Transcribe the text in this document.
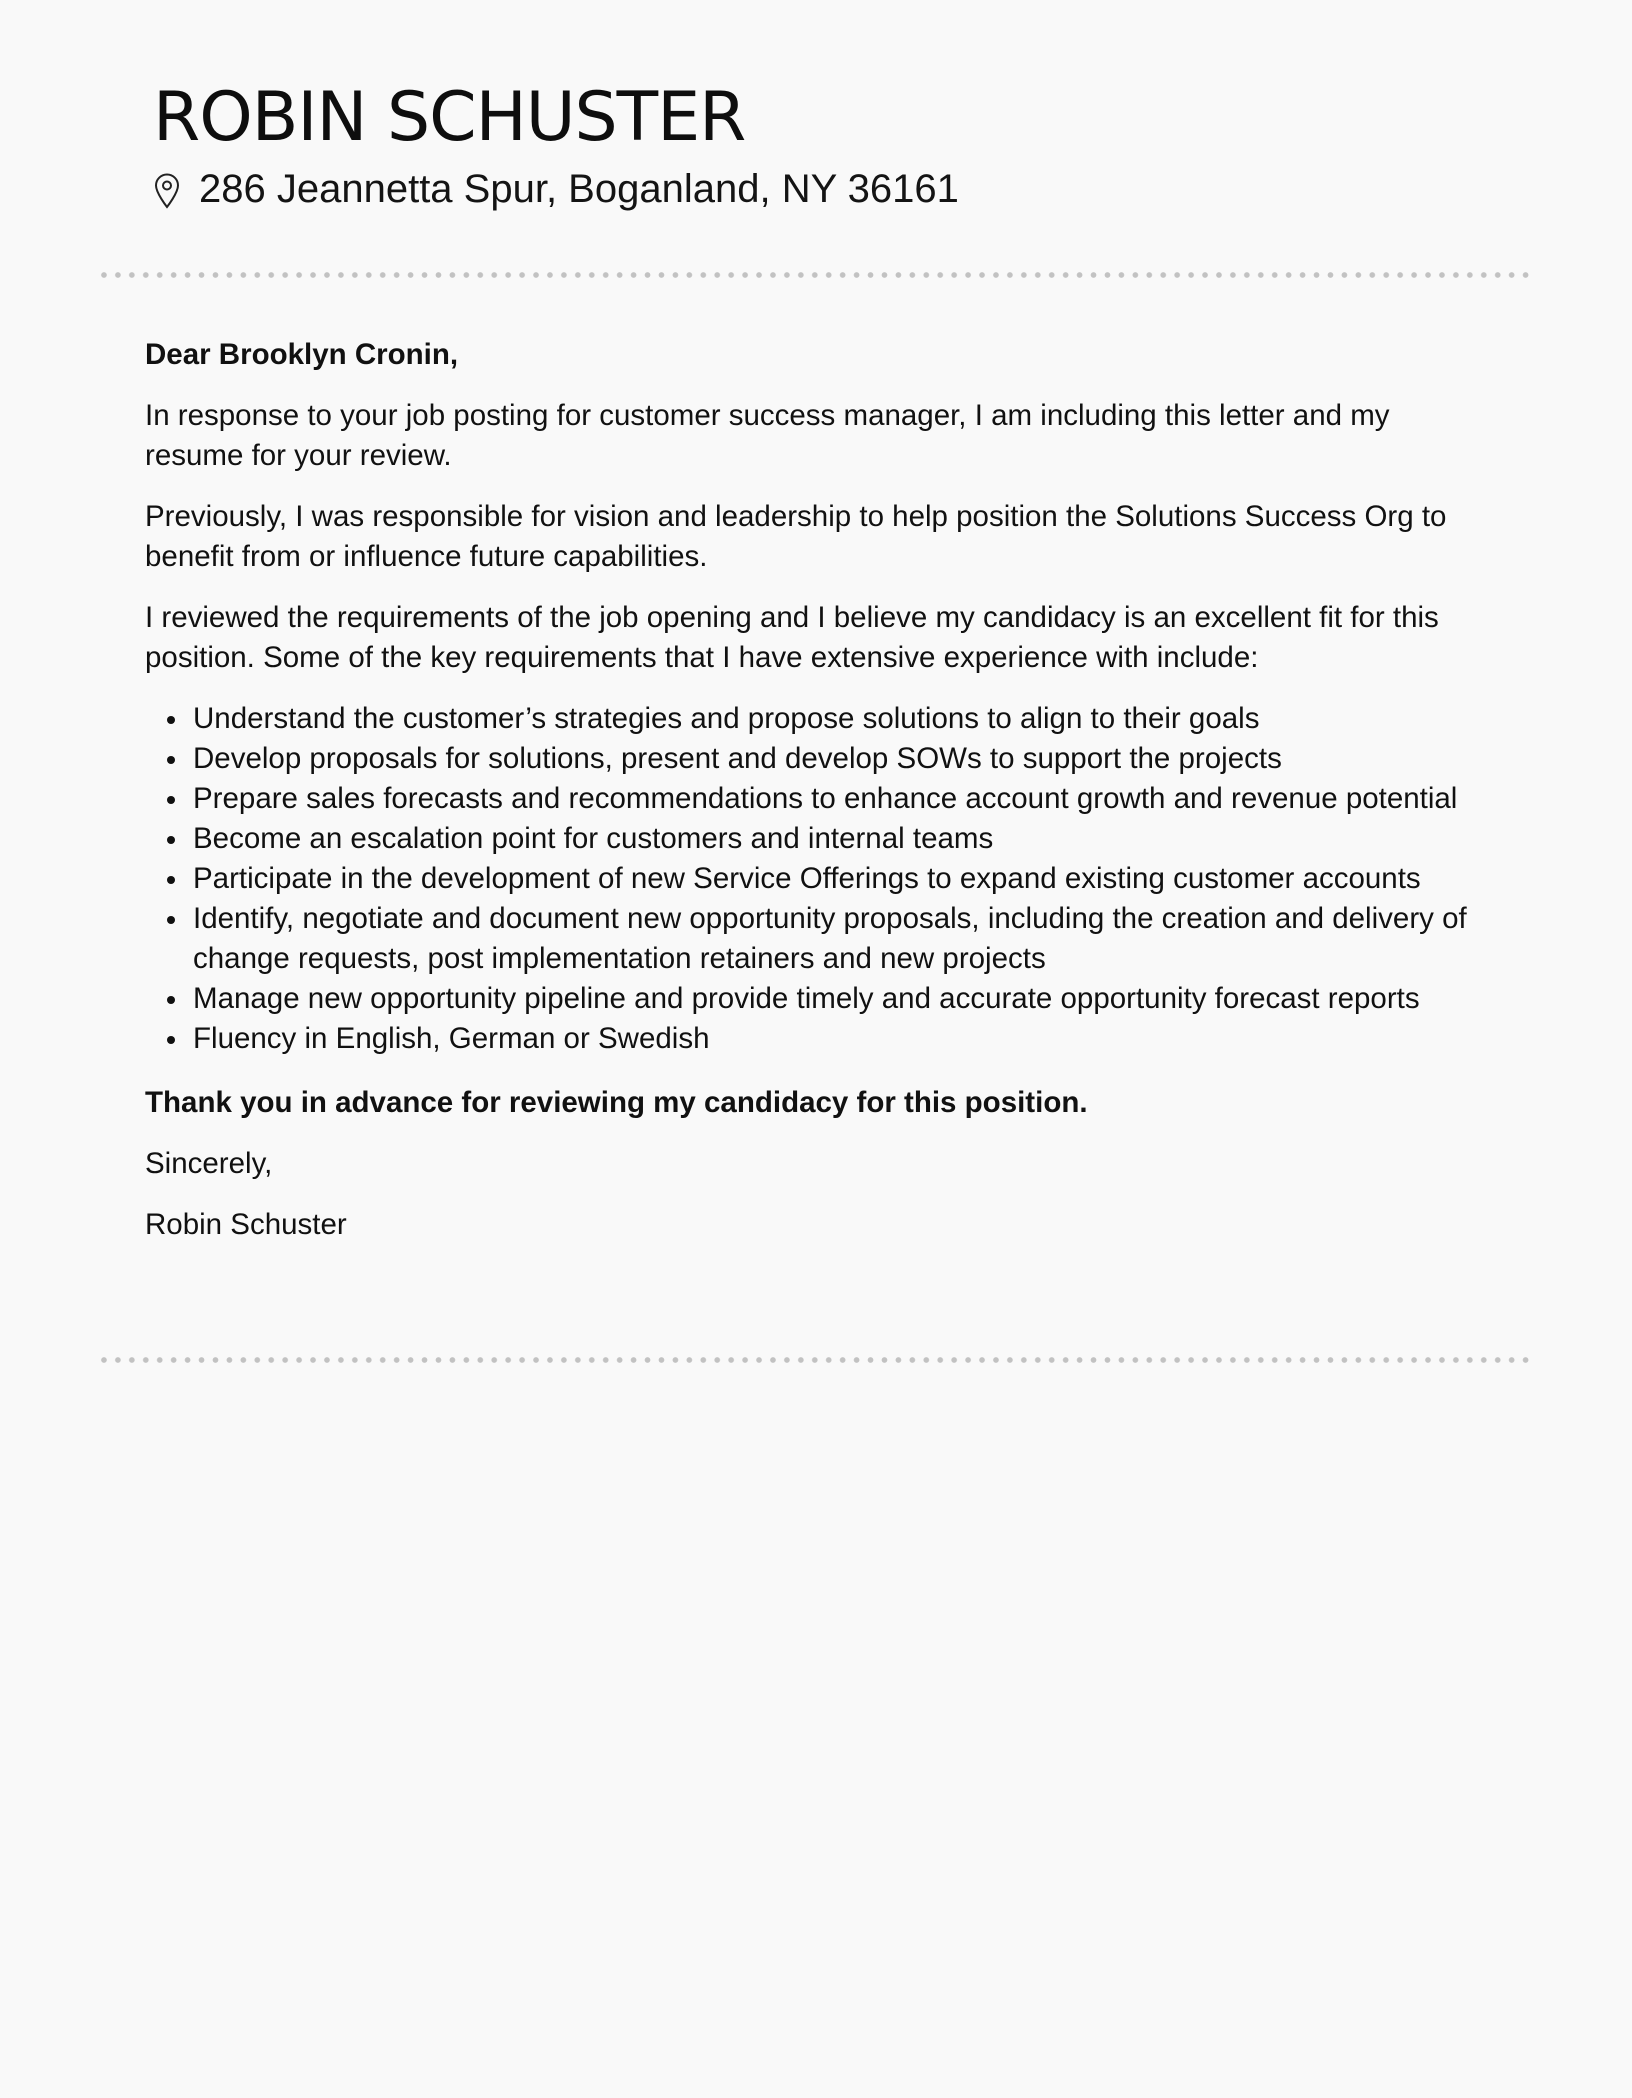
ROBIN SCHUSTER
286 Jeannetta Spur, Boganland, NY 36161

Dear Brooklyn Cronin,

In response to your job posting for customer success manager, I am including this letter and my resume for your review.

Previously, I was responsible for vision and leadership to help position the Solutions Success Org to benefit from or influence future capabilities.

I reviewed the requirements of the job opening and I believe my candidacy is an excellent fit for this position. Some of the key requirements that I have extensive experience with include:

Understand the customer’s strategies and propose solutions to align to their goals
Develop proposals for solutions, present and develop SOWs to support the projects
Prepare sales forecasts and recommendations to enhance account growth and revenue potential
Become an escalation point for customers and internal teams
Participate in the development of new Service Offerings to expand existing customer accounts
Identify, negotiate and document new opportunity proposals, including the creation and delivery of change requests, post implementation retainers and new projects
Manage new opportunity pipeline and provide timely and accurate opportunity forecast reports
Fluency in English, German or Swedish

Thank you in advance for reviewing my candidacy for this position.

Sincerely,

Robin Schuster
